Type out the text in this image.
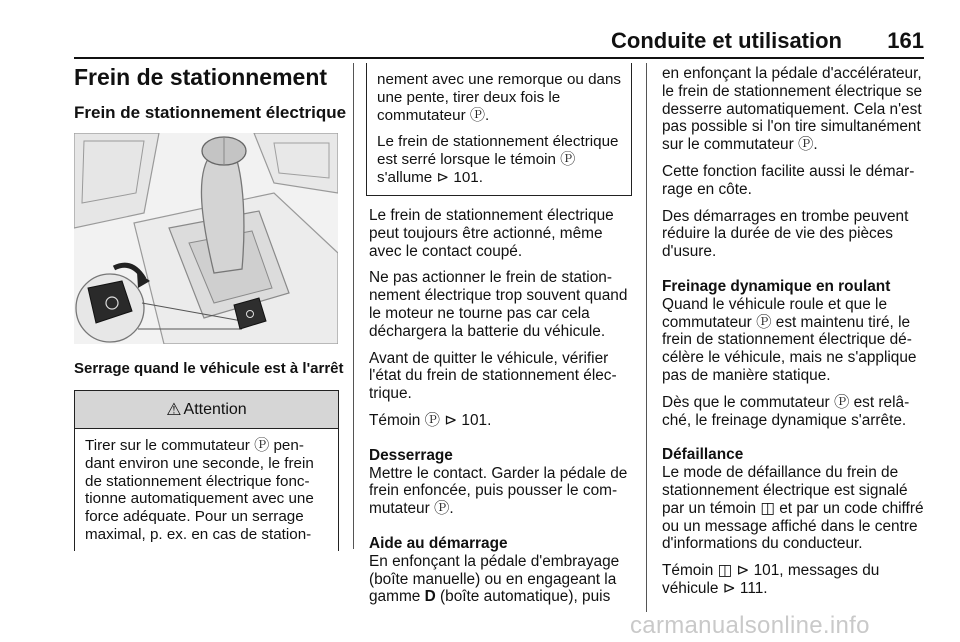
Conduite et utilisation 161
Frein de stationnement
Frein de stationnement électrique
Serrage quand le véhicule est à l'arrêt
⚠ Attention
Tirer sur le commutateur Ⓟ pendant environ une seconde, le frein de stationnement électrique fonctionne automatiquement avec une force adéquate. Pour un serrage maximal, p. ex. en cas de station-

nement avec une remorque ou dans une pente, tirer deux fois le commutateur Ⓟ.

Le frein de stationnement électrique est serré lorsque le témoin Ⓟ s'allume ⊳ 101.

Le frein de stationnement électrique peut toujours être actionné, même avec le contact coupé.

Ne pas actionner le frein de stationnement électrique trop souvent quand le moteur ne tourne pas car cela déchargera la batterie du véhicule.

Avant de quitter le véhicule, vérifier l'état du frein de stationnement électrique.

Témoin Ⓟ ⊳ 101.

Desserrage

Mettre le contact. Garder la pédale de frein enfoncée, puis pousser le commutateur Ⓟ.

Aide au démarrage

En enfonçant la pédale d'embrayage (boîte manuelle) ou en engageant la gamme D (boîte automatique), puis

en enfonçant la pédale d'accélérateur, le frein de stationnement électrique se desserre automatiquement. Cela n'est pas possible si l'on tire simultanément sur le commutateur Ⓟ.

Cette fonction facilite aussi le démarrage en côte.

Des démarrages en trombe peuvent réduire la durée de vie des pièces d'usure.

Freinage dynamique en roulant

Quand le véhicule roule et que le commutateur Ⓟ est maintenu tiré, le frein de stationnement électrique décélère le véhicule, mais ne s'applique pas de manière statique.

Dès que le commutateur Ⓟ est relâché, le freinage dynamique s'arrête.

Défaillance

Le mode de défaillance du frein de stationnement électrique est signalé par un témoin ◫ et par un code chiffré ou un message affiché dans le centre d'informations du conducteur.

Témoin ◫ ⊳ 101, messages du véhicule ⊳ 111.

carmanualsonline.info
